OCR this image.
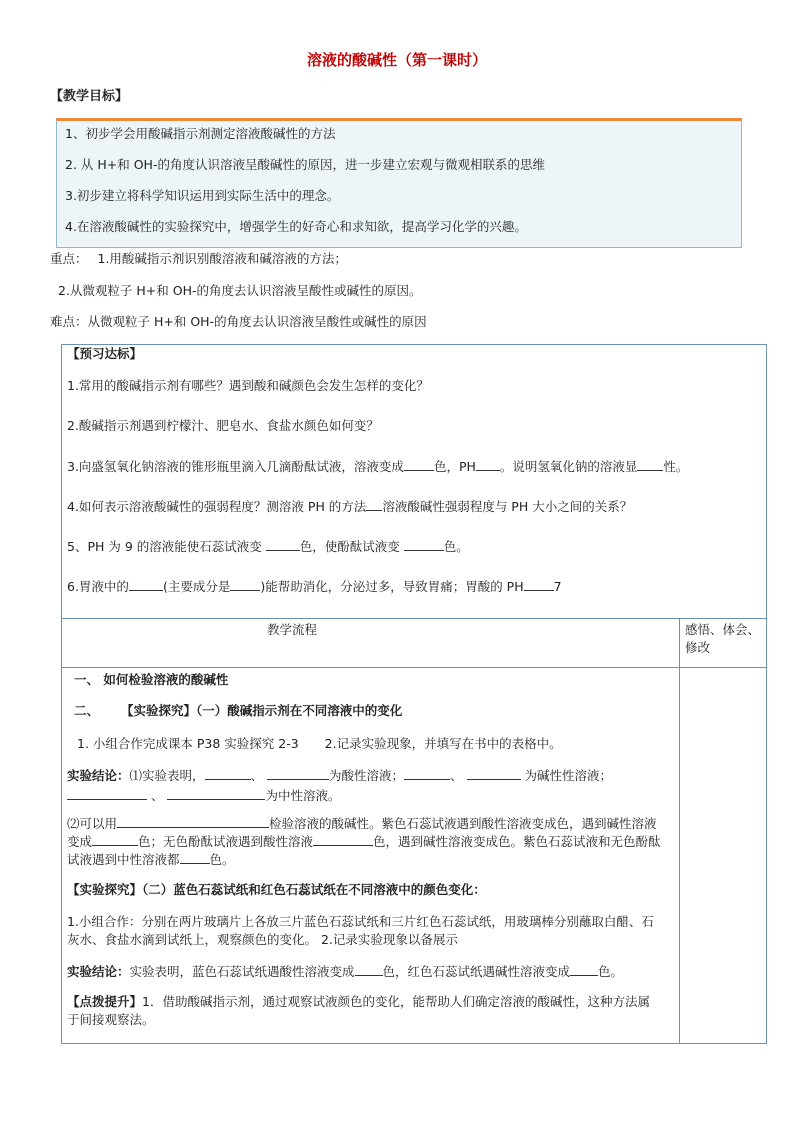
溶液的酸碱性（第一课时）
【教学目标】
1、初步学会用酸碱指示剂测定溶液酸碱性的方法
2. 从 H+和 OH-的角度认识溶液呈酸碱性的原因，进一步建立宏观与微观相联系的思维
3.初步建立将科学知识运用到实际生活中的理念。
4.在溶液酸碱性的实验探究中，增强学生的好奇心和求知欲，提高学习化学的兴趣。
重点： 1.用酸碱指示剂识别酸溶液和碱溶液的方法；
2.从微观粒子 H+和 OH-的角度去认识溶液呈酸性或碱性的原因。
难点：从微观粒子 H+和 OH-的角度去认识溶液呈酸性或碱性的原因
【预习达标】
1.常用的酸碱指示剂有哪些？遇到酸和碱颜色会发生怎样的变化？
2.酸碱指示剂遇到柠檬汁、肥皂水、食盐水颜色如何变？
3.向盛氢氧化钠溶液的锥形瓶里滴入几滴酚酞试液，溶液变成 色，PH 。说明氢氧化钠的溶液显 性。
4.如何表示溶液酸碱性的强弱程度？测溶液 PH 的方法 溶液酸碱性强弱程度与 PH 大小之间的关系？
5、PH 为 9 的溶液能使石蕊试液变	色，使酚酞试液变	色。
6.胃液中的	(主要成分是 )能帮助消化，分泌过多，导致胃痛；胃酸的 PH 7
教学流程	感悟、体会、修改
一、 如何检验溶液的酸碱性
二、 【实验探究】（一）酸碱指示剂在不同溶液中的变化
1. 小组合作完成课本 P38 实验探究 2-3 2.记录实验现象，并填写在书中的表格中。
实验结论：⑴实验表明，	、	为酸性溶液；	、	为碱性性溶液；
、	为中性溶液。
⑵可以用	检验溶液的酸碱性。紫色石蕊试液遇到酸性溶液变成色，遇到碱性溶液变成	色；无色酚酞试液遇到酸性溶液	色，遇到碱性溶液变成色。紫色石蕊试液和无色酚酞试液遇到中性溶液都 色。
【实验探究】（二）蓝色石蕊试纸和红色石蕊试纸在不同溶液中的颜色变化：
1.小组合作：分别在两片玻璃片上各放三片蓝色石蕊试纸和三片红色石蕊试纸，用玻璃棒分别蘸取白醋、石灰水、食盐水滴到试纸上，观察颜色的变化。 2.记录实验现象以备展示
实验结论：实验表明，蓝色石蕊试纸遇酸性溶液变成 色，红色石蕊试纸遇碱性溶液变成 色。
【点拨提升】1．借助酸碱指示剂，通过观察试液颜色的变化，能帮助人们确定溶液的酸碱性，这种方法属于间接观察法。
